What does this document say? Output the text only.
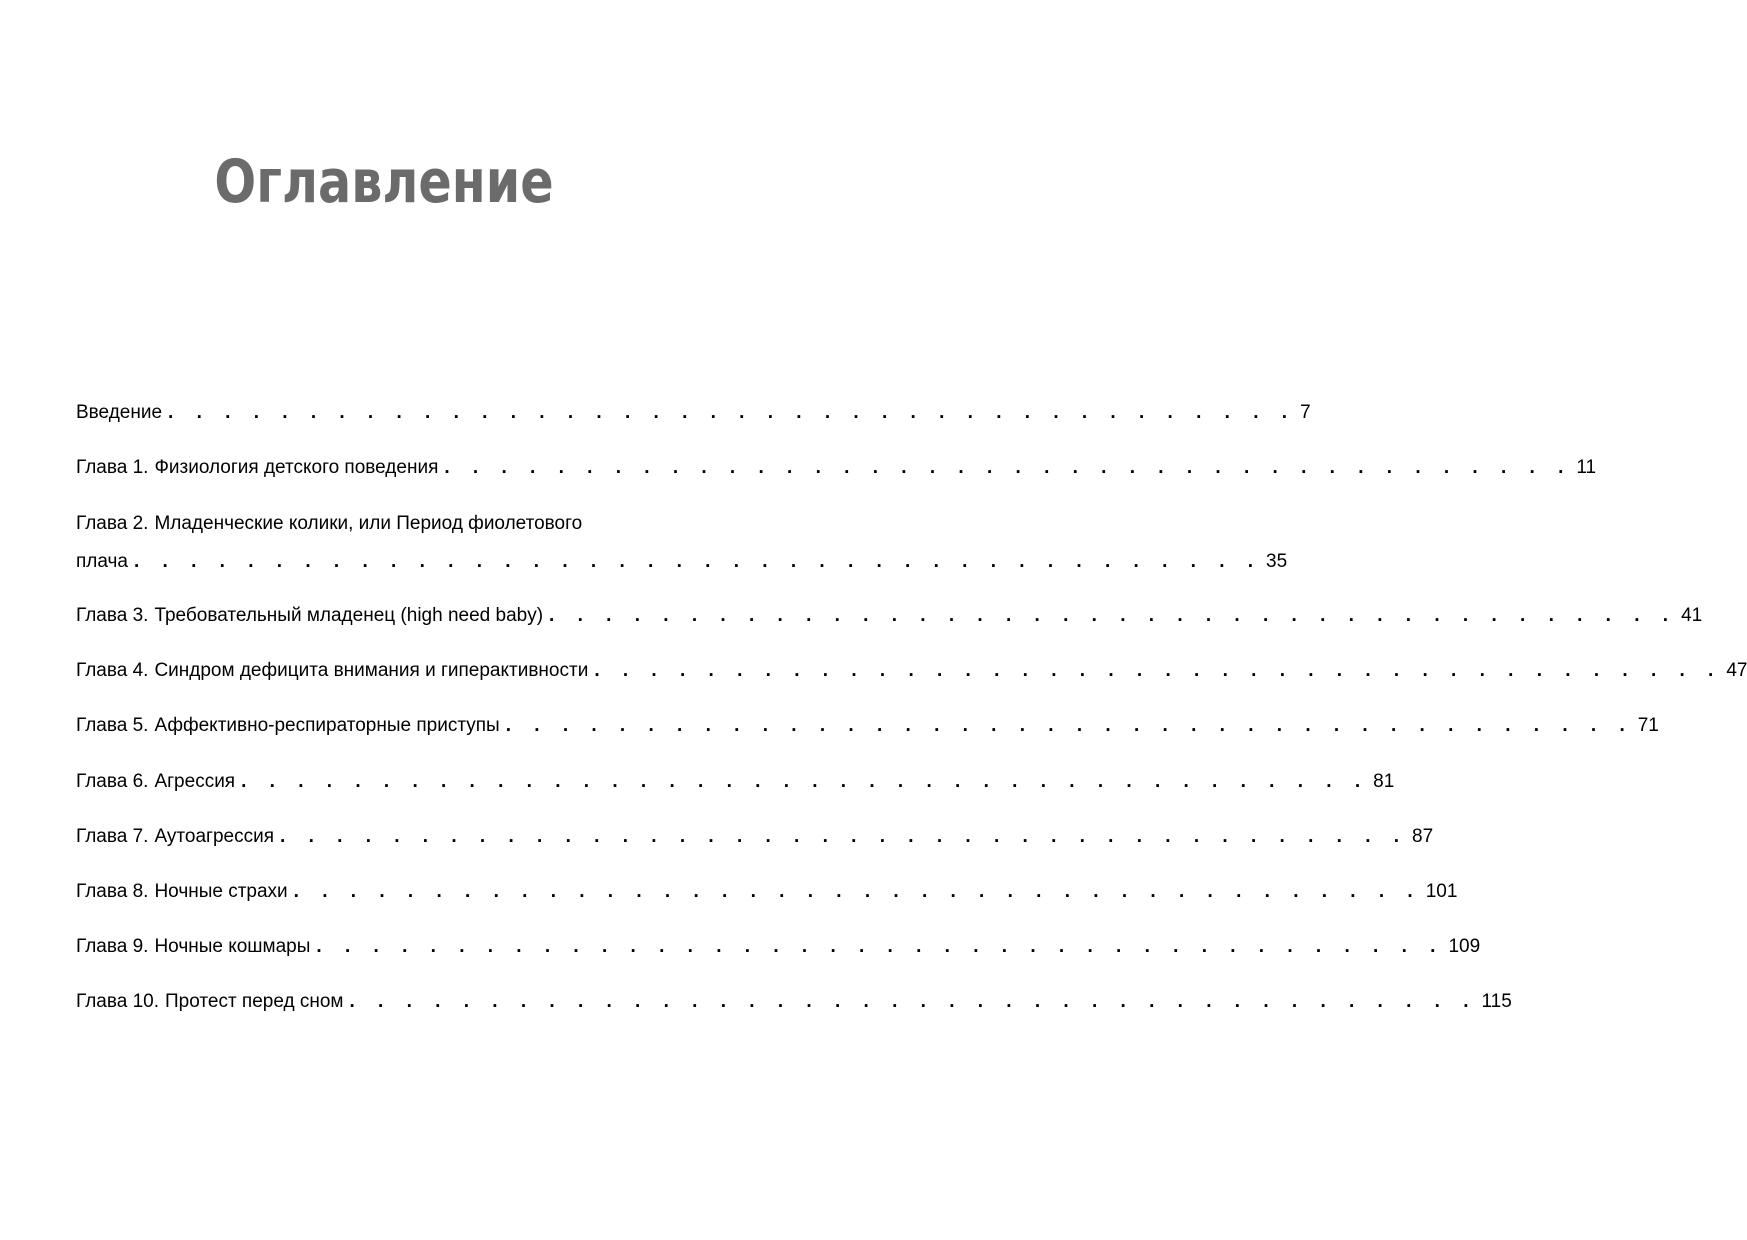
Оглавление
Введение . . . . . . . . . . . . . . . . . . . . . . . . . . . . . . . . . . . . . . . . 7
Глава 1. Физиология детского поведения . . . . . . . . . . . . . . . . . . . . . . . . . . . . . . . . . . . . . . . . 11
Глава 2. Младенческие колики, или Период фиолетового
плача . . . . . . . . . . . . . . . . . . . . . . . . . . . . . . . . . . . . . . . . 35
Глава 3. Требовательный младенец (high need baby) . . . . . . . . . . . . . . . . . . . . . . . . . . . . . . . . . . . . . . . . 41
Глава 4. Синдром дефицита внимания и гиперактивности . . . . . . . . . . . . . . . . . . . . . . . . . . . . . . . . . . . . . . . . 47
Глава 5. Аффективно-респираторные приступы . . . . . . . . . . . . . . . . . . . . . . . . . . . . . . . . . . . . . . . . 71
Глава 6. Агрессия . . . . . . . . . . . . . . . . . . . . . . . . . . . . . . . . . . . . . . . . 81
Глава 7. Аутоагрессия . . . . . . . . . . . . . . . . . . . . . . . . . . . . . . . . . . . . . . . . 87
Глава 8. Ночные страхи . . . . . . . . . . . . . . . . . . . . . . . . . . . . . . . . . . . . . . . . 101
Глава 9. Ночные кошмары . . . . . . . . . . . . . . . . . . . . . . . . . . . . . . . . . . . . . . . . 109
Глава 10. Протест перед сном . . . . . . . . . . . . . . . . . . . . . . . . . . . . . . . . . . . . . . . . 115
